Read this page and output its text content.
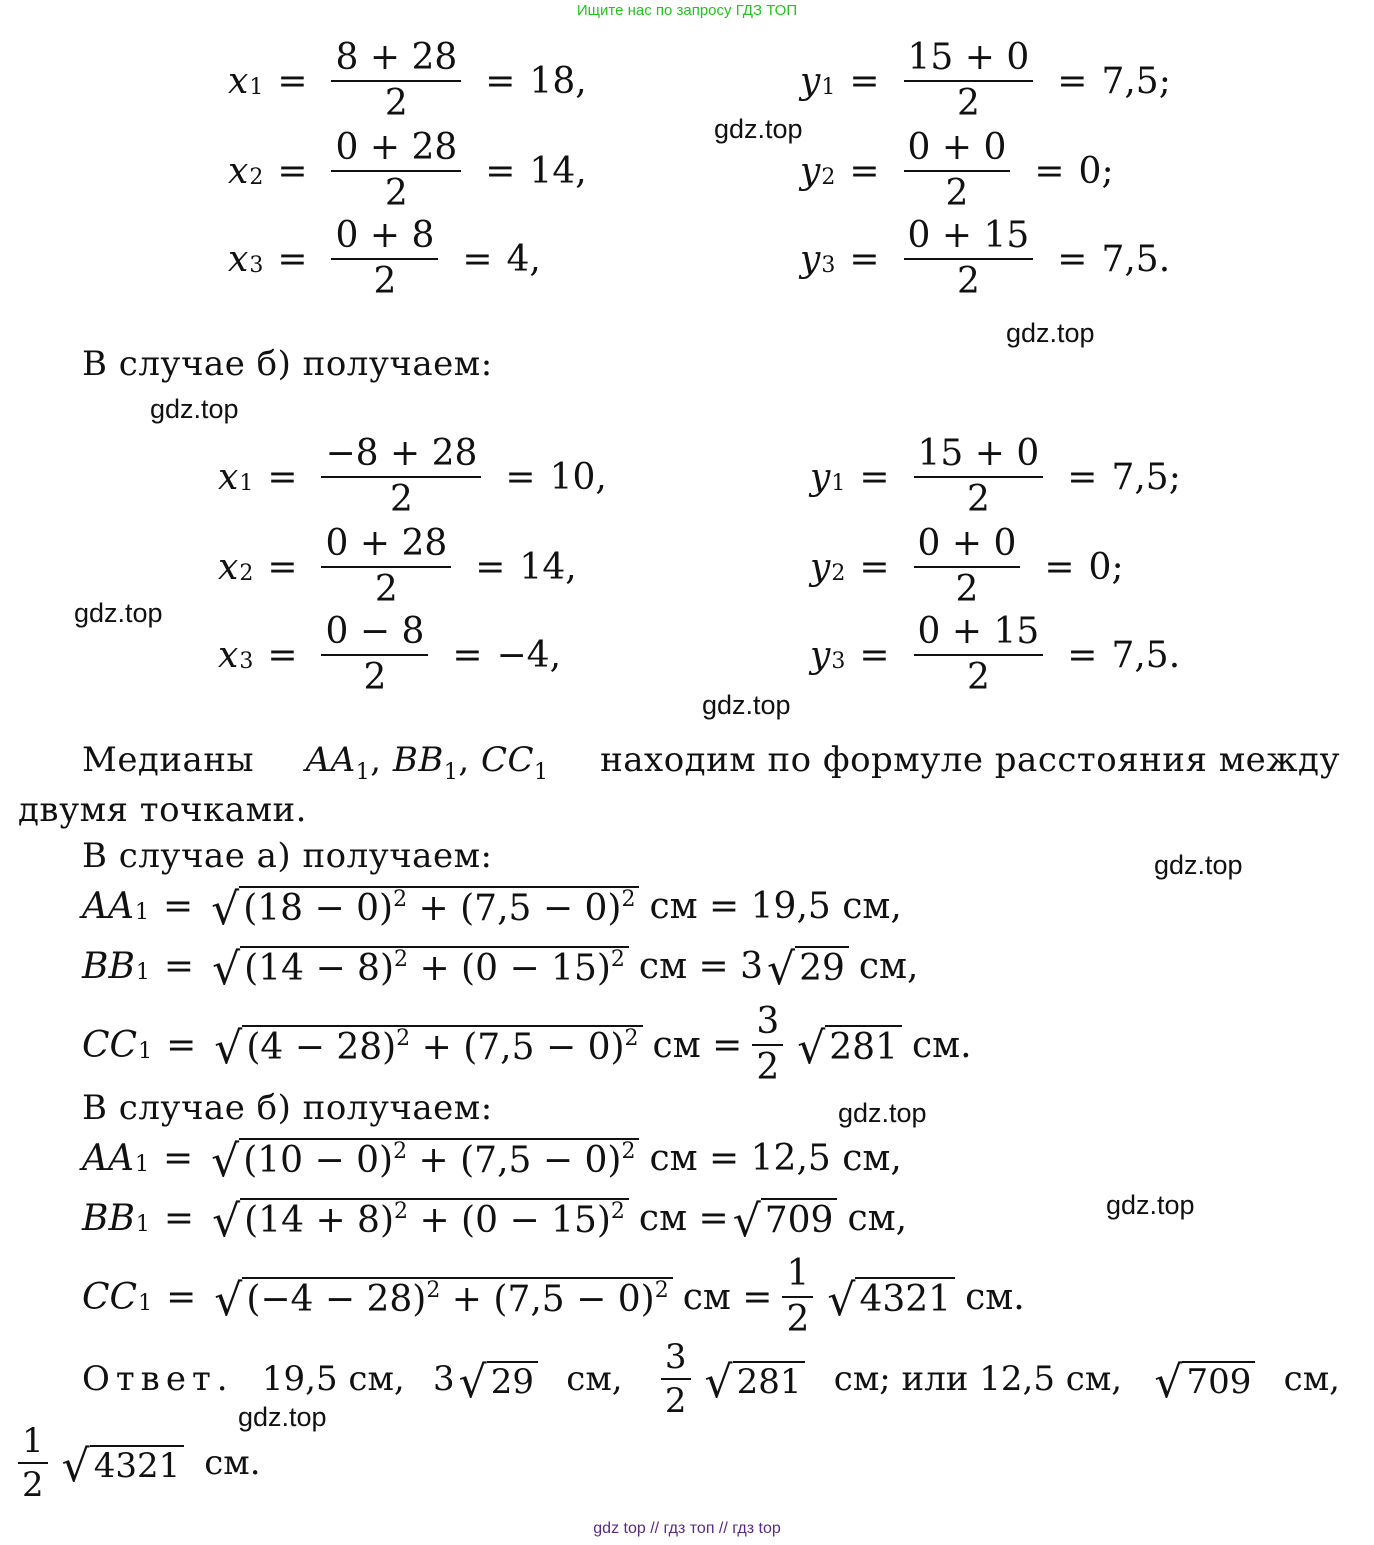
Ищите нас по запросу ГДЗ ТОП
$x_1 = \frac{8 + 28}{2} = 18$,
$x_2 = \frac{0 + 28}{2} = 14$,
$x_3 = \frac{0 + 8}{2} = 4$,
$y_1 = \frac{15 + 0}{2} = 7,5$;
$y_2 = \frac{0 + 0}{2} = 0$;
$y_3 = \frac{0 + 15}{2} = 7,5$.
gdz.top
gdz.top
В случае б) получаем:
gdz.top
$x_1 = \frac{-8 + 28}{2} = 10$,
$x_2 = \frac{0 + 28}{2} = 14$,
$x_3 = \frac{0 - 8}{2} = -4$,
$y_1 = \frac{15 + 0}{2} = 7,5$;
$y_2 = \frac{0 + 0}{2} = 0$;
$y_3 = \frac{0 + 15}{2} = 7,5$.
gdz.top
gdz.top
Медианы $AA_1$, $BB_1$, $CC_1$ находим по формуле расстояния между
двумя точками.
В случае а) получаем:	gdz.top
$AA_1$ = √ $(18 - 0)^2 + (7,5 - 0)^2$ см = 19,5 см,
$BB_1$ = √ $(14 - 8)^2 + (0 - 15)^2$ см = 3 √ 29 см,
$CC_1$ = √ $(4 - 28)^2 + (7,5 - 0)^2$ см = $\frac{3}{2}$ √ 281 см.
В случае б) получаем:	gdz.top
$AA_1$ = √ $(10 - 0)^2 + (7,5 - 0)^2$ см = 12,5 см,
$BB_1$ = √ $(14 + 8)^2 + (0 - 15)^2$ см = √ 709 см,
$CC_1$ = √ $(-4 - 28)^2 + (7,5 - 0)^2$ см = $\frac{1}{2}$ √ 4321 см.
gdz.top
Ответ. 19,5 см, 3 √ 29 см, $\frac{3}{2}$ √ 281 см; или 12,5 см, √ 709 см,
gdz.top
$\frac{1}{2}$ √ 4321 см .
gdz top // гдз топ // гдз top
